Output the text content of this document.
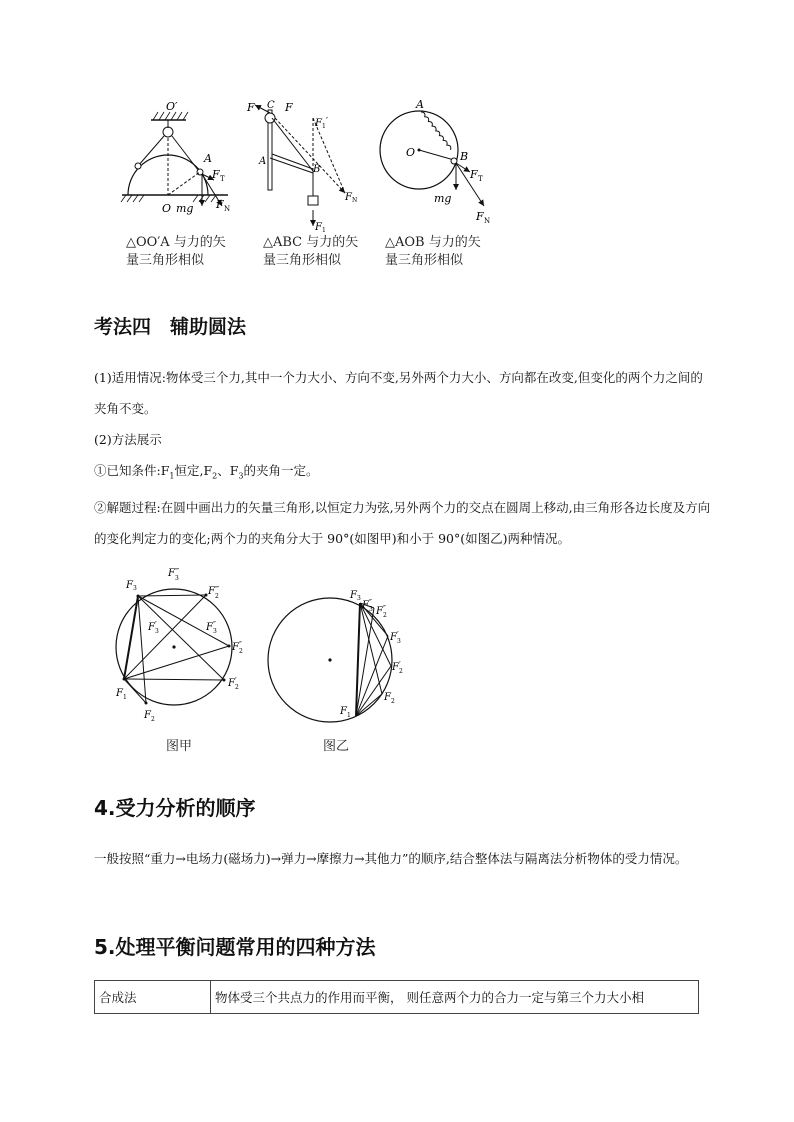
O′
A
O mg
F T
F N
C
F	F
A
B
F 1 ′
F N
F 1
A
O	B
F T
mg
F N
△OO′A 与力的矢
量三角形相似
△ABC 与力的矢
量三角形相似
△AOB 与力的矢
量三角形相似
考法四　辅助圆法

(1)适用情况:物体受三个力,其中一个力大小、方向不变,另外两个力大小、方向都在改变,但变化的两个力之间的夹角不变。

(2)方法展示

①已知条件$:F_1$恒定$,F_2$、$F_3$的夹角一定。

②解题过程:在圆中画出力的矢量三角形,以恒定力为弦,另外两个力的交点在圆周上移动,由三角形各边长度及方向的变化判定力的变化;两个力的夹角分大于 90°(如图甲)和小于 90°(如图乙)两种情况。

F 3
F ‴
3
F ‴
2
F ′
3	F ″
3
F ″
2
F ′
2
F 1
F 2
图甲
F 3
F ″
3 F ″
2
F ′
3
F ′
2
F 2
F 1
图乙
4.受力分析的顺序

一般按照“重力→电场力(磁场力)→弹力→摩擦力→其他力”的顺序,结合整体法与隔离法分析物体的受力情况。

5.处理平衡问题常用的四种方法
合成法	物体受三个共点力的作用而平衡， 则任意两个力的合力一定与第三个力大小相
